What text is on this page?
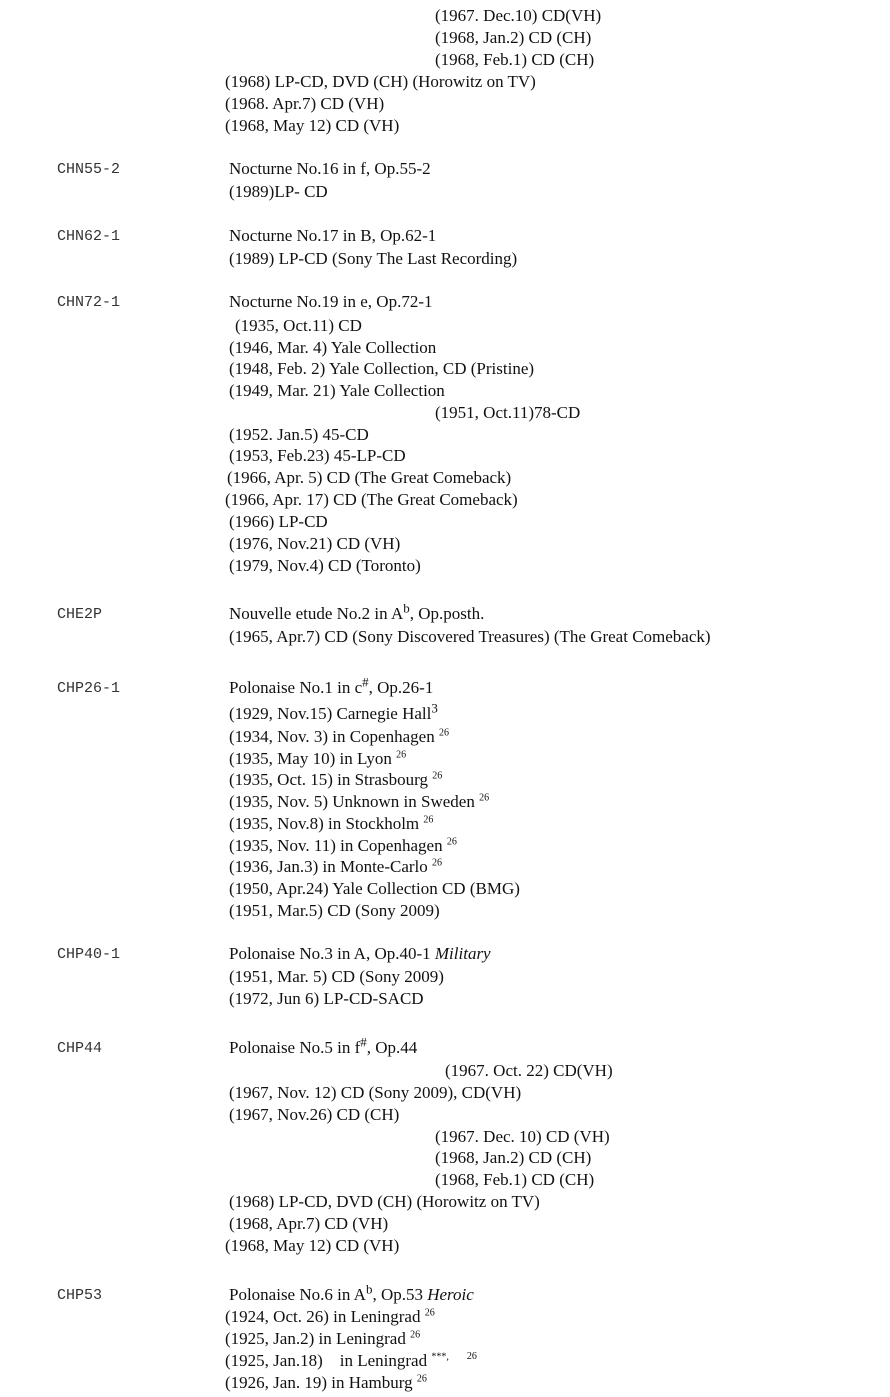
(1967. Dec.10) CD(VH)
(1968, Jan.2) CD (CH)
(1968, Feb.1) CD (CH)
(1968) LP-CD, DVD (CH) (Horowitz on TV)
(1968. Apr.7) CD (VH)
(1968, May 12) CD (VH)
CHN55-2	Nocturne No.16 in f, Op.55-2
(1989)LP- CD
CHN62-1	Nocturne No.17 in B, Op.62-1
(1989) LP-CD (Sony The Last Recording)
CHN72-1	Nocturne No.19 in e, Op.72-1
(1935, Oct.11) CD
(1946, Mar. 4) Yale Collection
(1948, Feb. 2) Yale Collection, CD (Pristine)
(1949, Mar. 21) Yale Collection
(1951, Oct.11)78-CD
(1952. Jan.5) 45-CD
(1953, Feb.23) 45-LP-CD
(1966, Apr. 5) CD (The Great Comeback)
(1966, Apr. 17) CD (The Great Comeback)
(1966) LP-CD
(1976, Nov.21) CD (VH)
(1979, Nov.4) CD (Toronto)
CHE2P	Nouvelle etude No.2 in $A^b$, Op.posth.
(1965, Apr.7) CD (Sony Discovered Treasures) (The Great Comeback)
CHP26-1	Polonaise No.1 in c#, Op.26-1
(1929, Nov.15) Carnegie Hall$^3$
(1934, Nov. 3) in Copenhagen $^{26}$
(1935, May 10) in Lyon $^{26}$
(1935, Oct. 15) in Strasbourg $^{26}$
(1935, Nov. 5) Unknown in Sweden $^{26}$
(1935, Nov.8) in Stockholm $^{26}$
(1935, Nov. 11) in Copenhagen $^{26}$
(1936, Jan.3) in Monte-Carlo $^{26}$
(1950, Apr.24) Yale Collection CD (BMG)
(1951, Mar.5) CD (Sony 2009)
CHP40-1	Polonaise No.3 in A, Op.40-1 Military
(1951, Mar. 5) CD (Sony 2009)
(1972, Jun 6) LP-CD-SACD
CHP44	Polonaise No.5 in f#, Op.44
(1967. Oct. 22) CD(VH)
(1967, Nov. 12) CD (Sony 2009), CD(VH)
(1967, Nov.26) CD (CH)
(1967. Dec. 10) CD (VH)
(1968, Jan.2) CD (CH)
(1968, Feb.1) CD (CH)
(1968) LP-CD, DVD (CH) (Horowitz on TV)
(1968, Apr.7) CD (VH)
(1968, May 12) CD (VH)
CHP53	Polonaise No.6 in $A^b$, Op.53 Heroic
(1924, Oct. 26) in Leningrad $^{26}$
(1925, Jan.2) in Leningrad $^{26}$
(1925, Jan.18)    in Leningrad ***, $^{26}$
(1926, Jan. 19) in Hamburg $^{26}$
